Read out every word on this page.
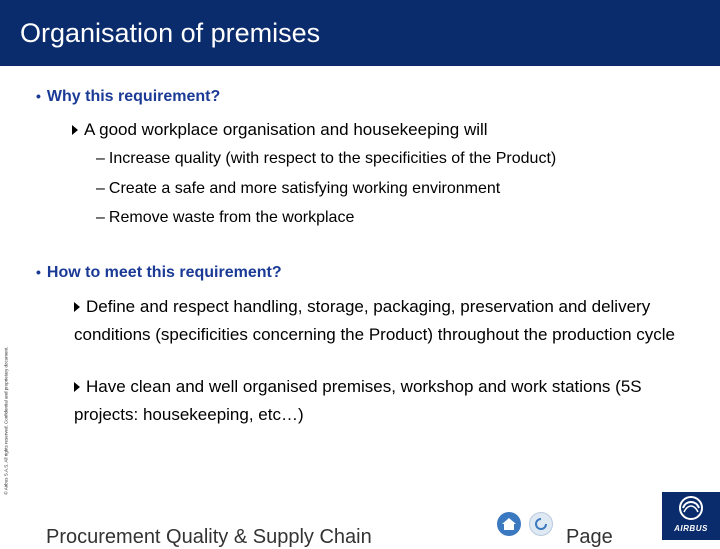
Organisation of premises
© Airbus S.A.S. All rights reserved. Confidential and proprietary document.
• Why this requirement?
A good workplace organisation and housekeeping will
– Increase quality (with respect to the specificities of the Product)
– Create a safe and more satisfying working environment
– Remove waste from the workplace
• How to meet this requirement?
Define and respect handling, storage, packaging, preservation and delivery conditions (specificities concerning the Product) throughout the production cycle
Have clean and well organised premises, workshop and work stations (5S projects: housekeeping, etc…)
Procurement Quality & Supply Chain	Page	AIRBUS
